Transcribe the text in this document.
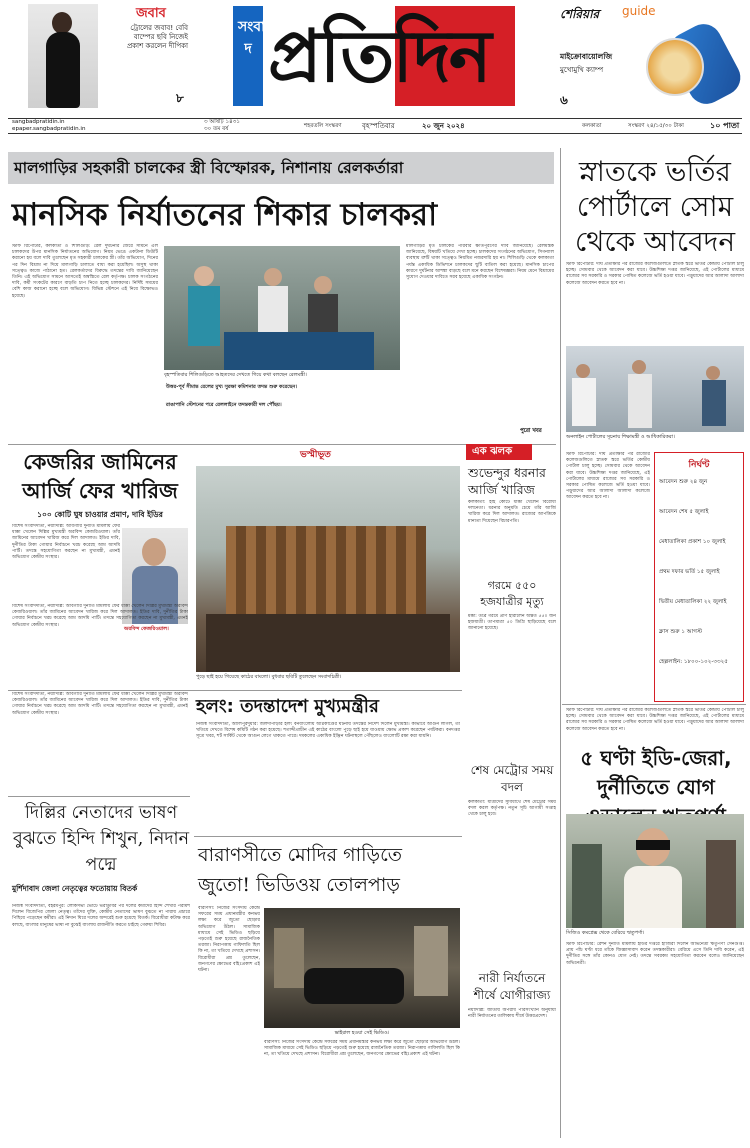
জবাব
ট্রোলের জবাব! বেবি বাম্পের ছবি নিজেই প্রকাশ করলেন দীপিকা
৮
সংবাদ প্রতিদিন	শেরিয়ার guide
মাইক্রোবায়োলজি
মুখোমুখি ক্যাম্প
৬
sangbadpratidin.in epaper.sangbadpratidin.in
৩ আষাঢ় ১৪৩১ ৩০ তম বর্ষ	শহরতলি সংস্করণ	বৃহস্পতিবার	২০ জুন ২০২৪	কলকাতা	সংস্করণ ২৪/১৫/৩০ টাকা	১০ পাতা
মালগাড়ির সহকারী চালকের স্ত্রী বিস্ফোরক, নিশানায় রেলকর্তারা
মানসিক নির্যাতনের শিকার চালকরা
স্টাফ রিপোর্টার, কলকাতা ও শিলিগুড়ি: রেল দুর্ঘটনার জেরে সামনে এল চালকদের উপর মানসিক নির্যাতনের অভিযোগ। নিয়ম ভেঙে একটানা ডিউটি করানো হয় বলে দাবি তুলেছেন মৃত সহকারী চালকের স্ত্রী। তাঁর অভিযোগ, দিনের পর দিন বিশ্রাম না দিয়ে মালগাড়ি চালাতে বাধ্য করা হয়েছিল। অসুস্থ থাকা সত্ত্বেও কাজে পাঠানো হত। রেলকর্তাদের বিরুদ্ধে তদন্তের দাবি জানিয়েছেন তিনি। এই অভিযোগ সামনে আসতেই অস্বস্তিতে রেল কর্তৃপক্ষ। চালক সংগঠনের দাবি, কর্মী সংকটের কারণে বাড়তি চাপ নিতে হচ্ছে চালকদের। নির্দিষ্ট সময়ের বেশি কাজ করানো হচ্ছে বলে অভিযোগ। বিভিন্ন স্টেশনে এই নিয়ে বিক্ষোভও হয়েছে।
বৃহস্পতিবার শিলিগুড়িতে আহতদের দেখতে গিয়ে কথা বলছেন রেলমন্ত্রী।
মালগাড়ির মৃত চালকের পরিবার ক্ষতিপূরণের দাবি জানিয়েছে। রেলমন্ত্রক জানিয়েছে, বিষয়টি খতিয়ে দেখা হচ্ছে। চালকদের সংগঠনের অভিযোগ, সিগন্যাল ব্যবস্থায় ত্রুটি থাকা সত্ত্বেও নিয়মিত নজরদারি হয় না। শিলিগুড়ি থেকে কলকাতা পর্যন্ত একাধিক ডিভিশনে চালকদের ছুটি বাতিল করা হয়েছে। মানসিক চাপের কারণে দুর্ঘটনার আশঙ্কা বাড়ছে বলে মনে করছেন বিশেষজ্ঞরা। নিয়ম মেনে বিশ্রামের সুযোগ দেওয়ার দাবিতে সরব হয়েছে একাধিক সংগঠন।
উত্তর-পূর্ব সীমান্ত রেলের মুখ্য সুরক্ষা কমিশনার তদন্ত শুরু করেছেন।
রাঙাপানি স্টেশনের পরে রেললাইনে তদন্তকারী দল পৌঁছয়।
পুরো খবর
স্নাতকে ভর্তির পোর্টালে সোম থেকে আবেদন
স্টাফ রিপোর্টার: দীর্ঘ প্রতীক্ষার পর রাজ্যের কলেজগুলিতে স্নাতক স্তরে ভর্তির কেন্দ্রীয় পোর্টাল চালু হচ্ছে। সোমবার থেকে আবেদন করা যাবে। উচ্চশিক্ষা দপ্তর জানিয়েছে, এই পোর্টালের মাধ্যমে রাজ্যের সব সরকারি ও সরকার পোষিত কলেজে ভর্তি হওয়া যাবে। পড়ুয়াদের আর আলাদা আলাদা কলেজে আবেদন করতে হবে না।
অনলাইন পোর্টালের সূচনায় শিক্ষামন্ত্রী ও আধিকারিকরা।
কেজরির জামিনের আর্জি ফের খারিজ
১০০ কোটি ঘুষ চাওয়ার প্রমাণ, দাবি ইডির
বিশেষ সংবাদদাতা, নয়াদিল্লি: আবগারি দুর্নীতি মামলায় ফের ধাক্কা খেলেন দিল্লির মুখ্যমন্ত্রী অরবিন্দ কেজরিওয়াল। তাঁর জামিনের আবেদন খারিজ করে দিল আদালত। ইডির দাবি, দুর্নীতির টাকা গোয়ার নির্বাচনে খরচ করেছে আম আদমি পার্টি। তদন্তে সহযোগিতা করছেন না মুখ্যমন্ত্রী, এমনই অভিযোগ কেন্দ্রীয় সংস্থার।
অরবিন্দ কেজরিওয়াল।
বিশেষ সংবাদদাতা, নয়াদিল্লি: আবগারি দুর্নীতি মামলায় ফের ধাক্কা খেলেন দিল্লির মুখ্যমন্ত্রী অরবিন্দ কেজরিওয়াল। তাঁর জামিনের আবেদন খারিজ করে দিল আদালত। ইডির দাবি, দুর্নীতির টাকা গোয়ার নির্বাচনে খরচ করেছে আম আদমি পার্টি। তদন্তে সহযোগিতা করছেন না মুখ্যমন্ত্রী, এমনই অভিযোগ কেন্দ্রীয় সংস্থার।
ভস্মীভূত
পুড়ে ছাই হয়ে গিয়েছে কাঠের বাংলো। বুধবার ছবিটি তুলেছেন সংবাদচিত্রী।
এক ঝলক
শুভেন্দুর ধরনার আর্জি খারিজ
কলকাতা: হাই কোর্টে ধাক্কা খেলেন বিরোধী দলনেতা। ধরনার অনুমতি চেয়ে তাঁর আর্জি খারিজ করে দিল আদালত। রাজ্যের আপত্তিকে মান্যতা দিয়েছেন বিচারপতি।
গরমে ৫৫০ হজযাত্রীর মৃত্যু
মক্কা: তীব্র গরমে প্রাণ হারালেন অন্তত ৫৫০ জন হজযাত্রী। তাপমাত্রা ৫০ ডিগ্রি ছাড়িয়েছে বলে জানানো হয়েছে।
শেষ মেট্রোর সময় বদল
কলকাতা: যাত্রীদের সুবিধার্থে শেষ মেট্রোর সময় বদল করল কর্তৃপক্ষ। নতুন সূচি আগামী সপ্তাহ থেকে চালু হবে।
নারী নির্যাতনে শীর্ষে যোগীরাজ্য
নয়াদিল্লি: জাতীয় অপরাধ পরিসংখ্যান অনুযায়ী নারী নির্যাতনের তালিকায় শীর্ষে উত্তরপ্রদেশ।
স্টাফ রিপোর্টার: দীর্ঘ প্রতীক্ষার পর রাজ্যের কলেজগুলিতে স্নাতক স্তরে ভর্তির কেন্দ্রীয় পোর্টাল চালু হচ্ছে। সোমবার থেকে আবেদন করা যাবে। উচ্চশিক্ষা দপ্তর জানিয়েছে, এই পোর্টালের মাধ্যমে রাজ্যের সব সরকারি ও সরকার পোষিত কলেজে ভর্তি হওয়া যাবে। পড়ুয়াদের আর আলাদা আলাদা কলেজে আবেদন করতে হবে না।
নির্ঘণ্ট
আবেদন শুরু ২৪ জুন
আবেদন শেষ ৫ জুলাই
মেধাতালিকা প্রকাশ ১০ জুলাই
প্রথম দফার ভর্তি ১৫ জুলাই
দ্বিতীয় মেধাতালিকা ২২ জুলাই
ক্লাস শুরু ১ আগস্ট
হেল্পলাইন: ১৮০০-১০২-৩৩২৫
হলং: তদন্তাদেশ মুখ্যমন্ত্রীর
নিজস্ব সংবাদদাতা, আলিপুরদুয়ার: জলদাপাড়ার হলং বনবাংলোয় অগ্নিকাণ্ডের ঘটনায় তদন্তের নির্দেশ দিলেন মুখ্যমন্ত্রী। কীভাবে আগুন লাগল, তা খতিয়ে দেখতে বিশেষ কমিটি গঠন করা হয়েছে। শতাব্দীপ্রাচীন এই কাঠের বাংলো পুড়ে ছাই হয়ে যাওয়ায় ক্ষোভ প্রকাশ করেছেন পর্যটকরা। বনদপ্তর সূত্রে খবর, শর্ট সার্কিট থেকে আগুন লেগে থাকতে পারে। দমকলের একাধিক ইঞ্জিন ঘটনাস্থলে পৌঁছলেও বাংলোটি রক্ষা করা যায়নি।
বিশেষ সংবাদদাতা, নয়াদিল্লি: আবগারি দুর্নীতি মামলায় ফের ধাক্কা খেলেন দিল্লির মুখ্যমন্ত্রী অরবিন্দ কেজরিওয়াল। তাঁর জামিনের আবেদন খারিজ করে দিল আদালত। ইডির দাবি, দুর্নীতির টাকা গোয়ার নির্বাচনে খরচ করেছে আম আদমি পার্টি। তদন্তে সহযোগিতা করছেন না মুখ্যমন্ত্রী, এমনই অভিযোগ কেন্দ্রীয় সংস্থার।
দিল্লির নেতাদের ভাষণ বুঝতে হিন্দি শিখুন, নিদান পদ্মে
মুর্শিদাবাদ জেলা নেতৃত্বের ফতোয়ায় বিতর্ক
নিজস্ব সংবাদদাতা, বহরমপুর: লোকসভা ভোটে ভরাডুবির পর দলের কর্মীদের হিন্দি শেখার পরামর্শ দিলেন বিজেপির জেলা নেতৃত্ব। তাঁদের যুক্তি, কেন্দ্রীয় নেতাদের ভাষণ বুঝতে না পারায় প্রচারে পিছিয়ে পড়েছেন কর্মীরা। এই নিদান ঘিরে দলের অন্দরেই শুরু হয়েছে বিতর্ক। বিরোধীরা কটাক্ষ করে বলছে, বাংলার মানুষের ভাষা না বুঝেই বাংলায় রাজনীতি করতে চাইছে গেরুয়া শিবির।
বারাণসীতে মোদির গাড়িতে জুতো! ভিডিওয় তোলপাড়
বারাণসী: নিজের সংসদীয় কেন্দ্রে সফরের সময় প্রধানমন্ত্রীর কনভয় লক্ষ্য করে জুতো ছোড়ার অভিযোগ উঠল। সামাজিক মাধ্যমে সেই ভিডিও ছড়িয়ে পড়তেই শুরু হয়েছে রাজনৈতিক তরজা। নিরাপত্তায় গাফিলতি ছিল কি না, তা খতিয়ে দেখছে প্রশাসন। বিরোধীরা প্রশ্ন তুলেছেন, জনগণের ক্ষোভের বহিঃপ্রকাশ এই ঘটনা।
ভাইরাল হওয়া সেই ভিডিও।
বারাণসী: নিজের সংসদীয় কেন্দ্রে সফরের সময় প্রধানমন্ত্রীর কনভয় লক্ষ্য করে জুতো ছোড়ার অভিযোগ উঠল। সামাজিক মাধ্যমে সেই ভিডিও ছড়িয়ে পড়তেই শুরু হয়েছে রাজনৈতিক তরজা। নিরাপত্তায় গাফিলতি ছিল কি না, তা খতিয়ে দেখছে প্রশাসন। বিরোধীরা প্রশ্ন তুলেছেন, জনগণের ক্ষোভের বহিঃপ্রকাশ এই ঘটনা।
স্টাফ রিপোর্টার: দীর্ঘ প্রতীক্ষার পর রাজ্যের কলেজগুলিতে স্নাতক স্তরে ভর্তির কেন্দ্রীয় পোর্টাল চালু হচ্ছে। সোমবার থেকে আবেদন করা যাবে। উচ্চশিক্ষা দপ্তর জানিয়েছে, এই পোর্টালের মাধ্যমে রাজ্যের সব সরকারি ও সরকার পোষিত কলেজে ভর্তি হওয়া যাবে। পড়ুয়াদের আর আলাদা আলাদা কলেজে আবেদন করতে হবে না।
৫ ঘণ্টা ইডি-জেরা, দুর্নীতিতে যোগ
সিজিও কমপ্লেক্স থেকে বেরিয়ে ঋতুপর্ণা।
স্টাফ রিপোর্টার: রেশন দুর্নীতি মামলায় ইডির দপ্তরে হাজিরা দিলেন অভিনেত্রী ঋতুপর্ণা সেনগুপ্ত। প্রায় পাঁচ ঘণ্টা ধরে তাঁকে জিজ্ঞাসাবাদ করেন তদন্তকারীরা। বেরিয়ে এসে তিনি দাবি করেন, এই দুর্নীতির সঙ্গে তাঁর কোনও যোগ নেই। তদন্তে সবরকম সহযোগিতা করবেন বলেও জানিয়েছেন অভিনেত্রী।
